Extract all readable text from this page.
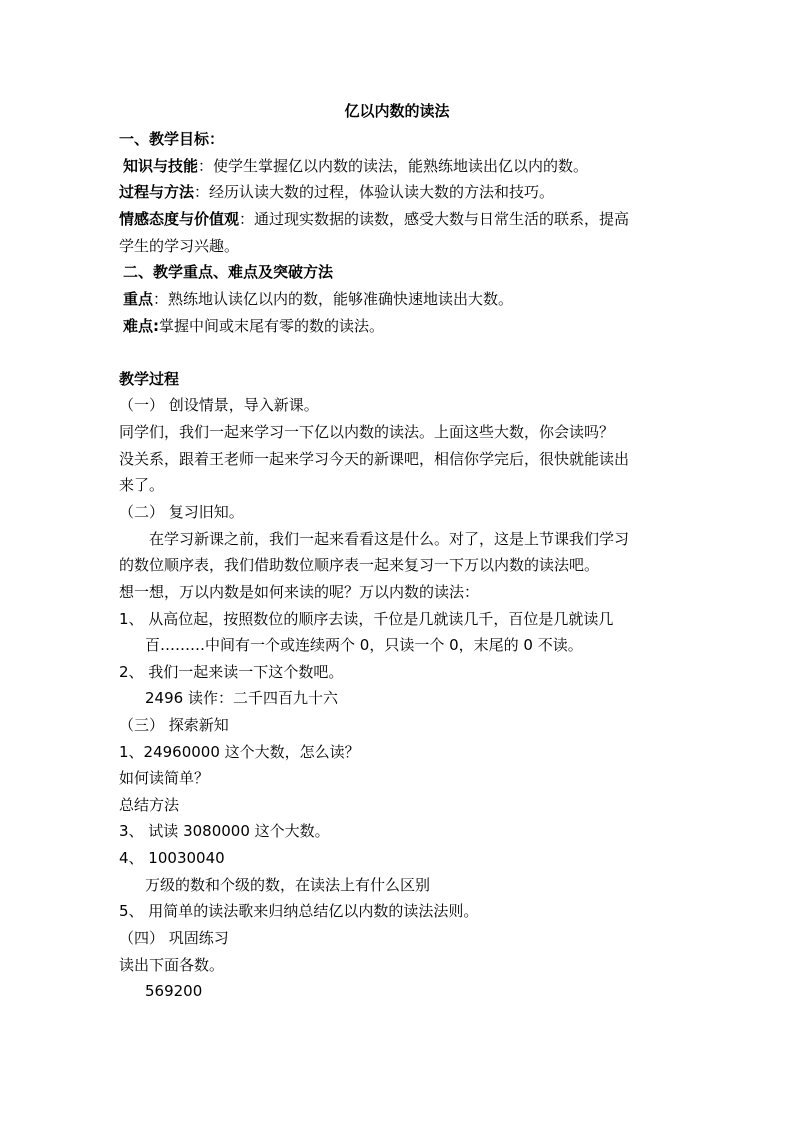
亿以内数的读法
一、教学目标：
知识与技能：使学生掌握亿以内数的读法，能熟练地读出亿以内的数。
过程与方法：经历认读大数的过程，体验认读大数的方法和技巧。
情感态度与价值观：通过现实数据的读数，感受大数与日常生活的联系，提高
学生的学习兴趣。
二、教学重点、难点及突破方法
重点：熟练地认读亿以内的数，能够准确快速地读出大数。
难点:掌握中间或末尾有零的数的读法。
教学过程
（一） 创设情景，导入新课。
同学们，我们一起来学习一下亿以内数的读法。上面这些大数，你会读吗？
没关系，跟着王老师一起来学习今天的新课吧，相信你学完后，很快就能读出
来了。
（二） 复习旧知。
在学习新课之前，我们一起来看看这是什么。对了，这是上节课我们学习
的数位顺序表，我们借助数位顺序表一起来复习一下万以内数的读法吧。
想一想，万以内数是如何来读的呢？万以内数的读法：
1、 从高位起，按照数位的顺序去读，千位是几就读几千，百位是几就读几
百………中间有一个或连续两个 0，只读一个 0，末尾的 0 不读。
2、 我们一起来读一下这个数吧。
2496 读作：二千四百九十六
（三） 探索新知
1、24960000 这个大数，怎么读？
如何读简单？
总结方法
3、 试读 3080000 这个大数。
4、 10030040
万级的数和个级的数，在读法上有什么区别
5、 用简单的读法歌来归纳总结亿以内数的读法法则。
（四） 巩固练习
读出下面各数。
569200
